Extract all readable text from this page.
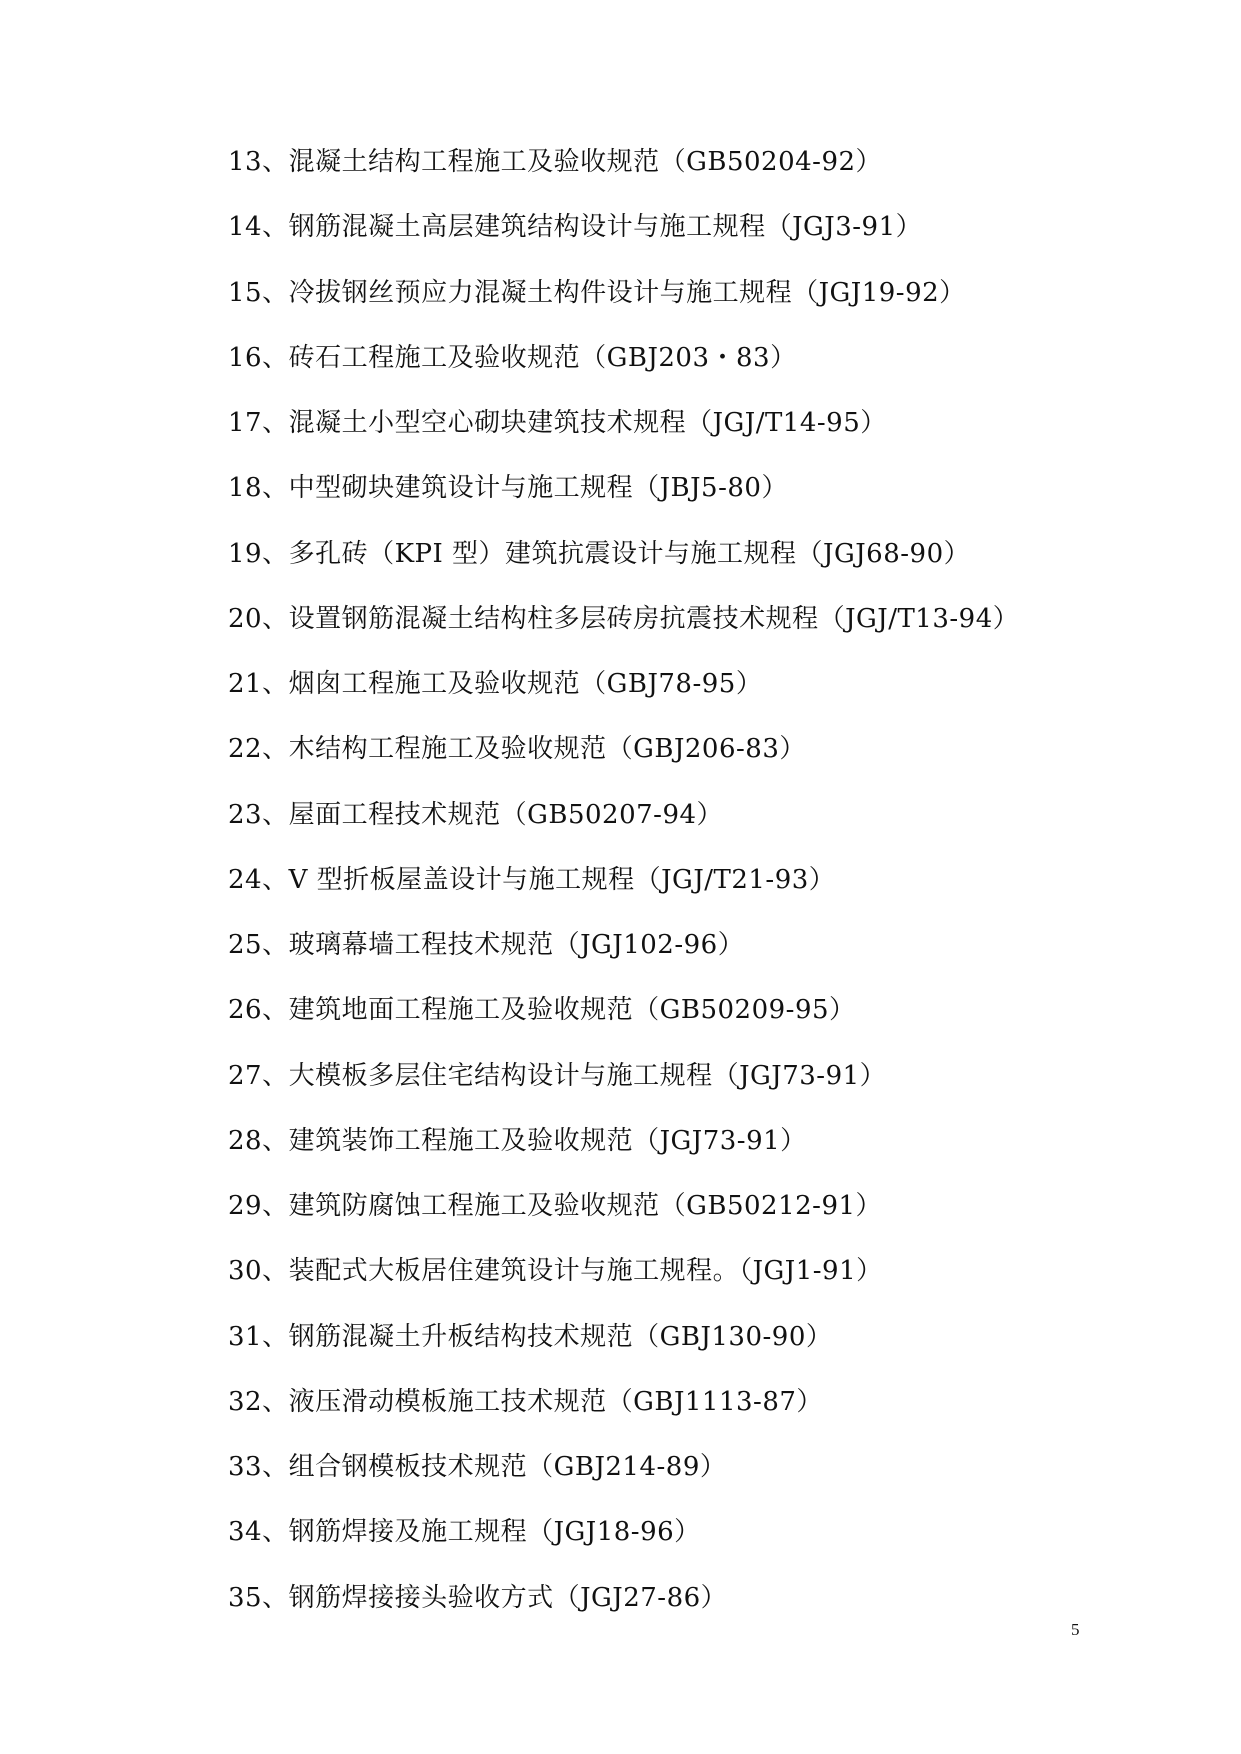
13、混凝土结构工程施工及验收规范（GB50204-92）
14、钢筋混凝土高层建筑结构设计与施工规程（JGJ3-91）
15、冷拔钢丝预应力混凝土构件设计与施工规程（JGJ19-92）
16、砖石工程施工及验收规范（GBJ203・83）
17、混凝土小型空心砌块建筑技术规程（JGJ/T14-95）
18、中型砌块建筑设计与施工规程（JBJ5-80）
19、多孔砖（KPI 型）建筑抗震设计与施工规程（JGJ68-90）
20、设置钢筋混凝土结构柱多层砖房抗震技术规程（JGJ/T13-94）
21、烟囱工程施工及验收规范（GBJ78-95）
22、木结构工程施工及验收规范（GBJ206-83）
23、屋面工程技术规范（GB50207-94）
24、V 型折板屋盖设计与施工规程（JGJ/T21-93）
25、玻璃幕墙工程技术规范（JGJ102-96）
26、建筑地面工程施工及验收规范（GB50209-95）
27、大模板多层住宅结构设计与施工规程（JGJ73-91）
28、建筑装饰工程施工及验收规范（JGJ73-91）
29、建筑防腐蚀工程施工及验收规范（GB50212-91）
30、装配式大板居住建筑设计与施工规程。（JGJ1-91）
31、钢筋混凝土升板结构技术规范（GBJ130-90）
32、液压滑动模板施工技术规范（GBJ1113-87）
33、组合钢模板技术规范（GBJ214-89）
34、钢筋焊接及施工规程（JGJ18-96）
35、钢筋焊接接头验收方式（JGJ27-86）
5
